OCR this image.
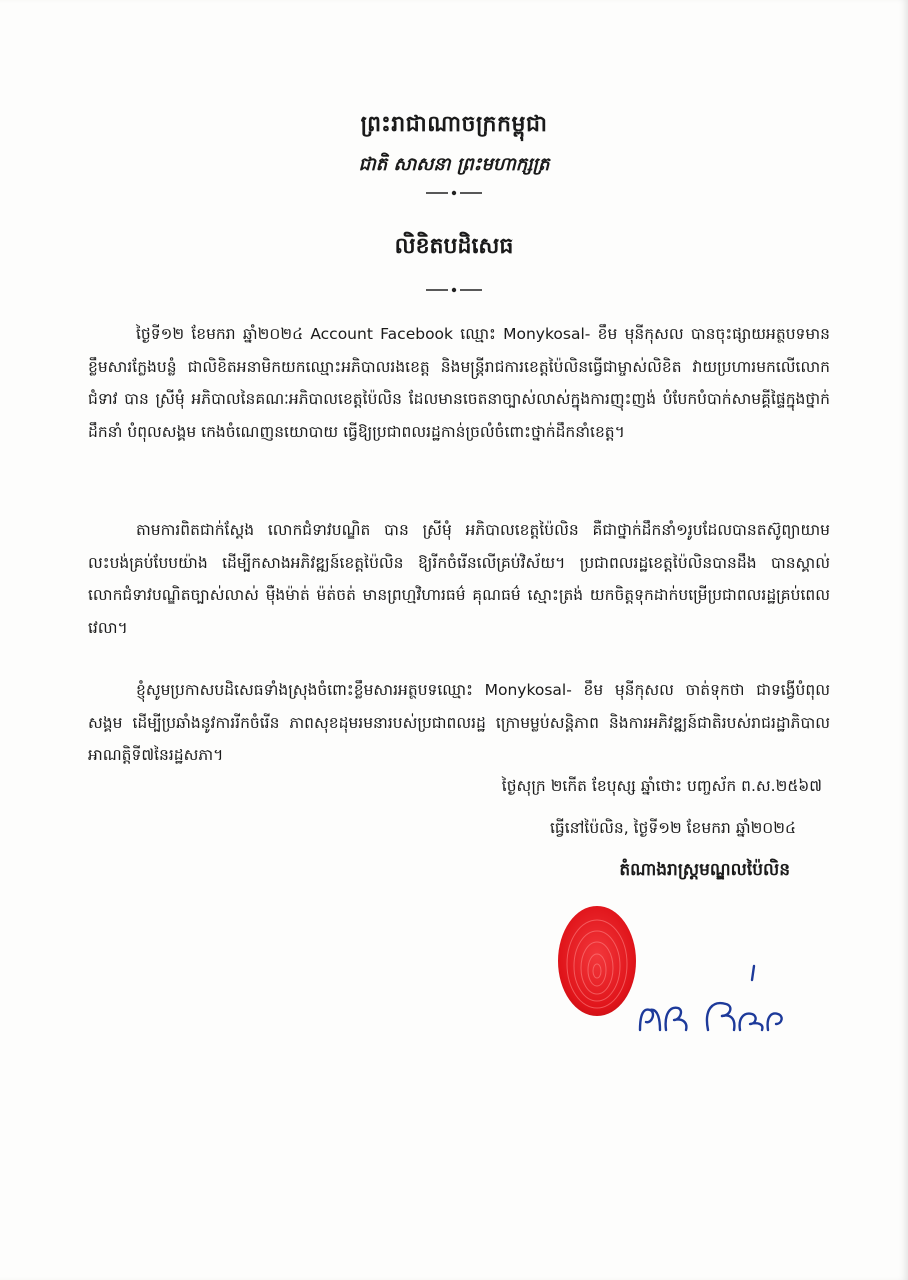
ព្រះរាជាណាចក្រកម្ពុជា
ជាតិ សាសនា ព្រះមហាក្សត្រ
លិខិតបដិសេធ

ថ្ងៃទី១២ ខែមករា ឆ្នាំ២០២៤ Account Facebook ឈ្មោះ Monykosal- ខឹម មុនីកុសល បានចុះផ្សាយអត្ថបទមានខ្លឹមសារក្លែងបន្លំ ជាលិខិតអនាមិកយកឈ្មោះអភិបាលរងខេត្ត និងមន្ត្រីរាជការខេត្តប៉ៃលិនធ្វើជាម្ចាស់លិខិត វាយប្រហារមកលើលោកជំទាវ បាន ស្រីមុំ អភិបាលនៃគណៈអភិបាលខេត្តប៉ៃលិន ដែលមានចេតនាច្បាស់លាស់ក្នុងការញុះញង់ បំបែកបំបាក់សាមគ្គីផ្ទៃក្នុងថ្នាក់ដឹកនាំ បំពុលសង្គម កេងចំណេញនយោបាយ ធ្វើឱ្យប្រជាពលរដ្ឋកាន់ច្រលំចំពោះថ្នាក់ដឹកនាំខេត្ត។

តាមការពិតជាក់ស្តែង លោកជំទាវបណ្ឌិត បាន ស្រីមុំ អភិបាលខេត្តប៉ៃលិន គឺជាថ្នាក់ដឹកនាំ១រូបដែលបានតស៊ូព្យាយាម លះបង់គ្រប់បែបយ៉ាង ដើម្បីកសាងអភិវឌ្ឍន៍ខេត្តប៉ៃលិន ឱ្យរីកចំរើនលើគ្រប់វិស័យ។ ប្រជាពលរដ្ឋខេត្តប៉ៃលិនបានដឹង បានស្គាល់ លោកជំទាវបណ្ឌិតច្បាស់លាស់ ម៉ឺងម៉ាត់ ម៉ត់ចត់ មានព្រហ្មវិហារធម៌ គុណធម៌ ស្មោះត្រង់ យកចិត្តទុកដាក់បម្រើប្រជាពលរដ្ឋគ្រប់ពេលវេលា។

ខ្ញុំសូមប្រកាសបដិសេធទាំងស្រុងចំពោះខ្លឹមសារអត្ថបទឈ្មោះ Monykosal- ខឹម មុនីកុសល ចាត់ទុកថា ជាទង្វើបំពុលសង្គម ដើម្បីប្រឆាំងនូវការរីកចំរើន ភាពសុខដុមរមនារបស់ប្រជាពលរដ្ឋ ក្រោមម្លប់សន្តិភាព និងការអភិវឌ្ឍន៍ជាតិរបស់រាជរដ្ឋាភិបាលអាណត្តិទី៧នៃរដ្ឋសភា។

ថ្ងៃសុក្រ ២កើត ខែបុស្ស ឆ្នាំថោះ បញ្ចស័ក ព.ស.២៥៦៧
ធ្វើនៅប៉ៃលិន, ថ្ងៃទី១២ ខែមករា ឆ្នាំ២០២៤
តំណាងរាស្ត្រមណ្ឌលប៉ៃលិន
